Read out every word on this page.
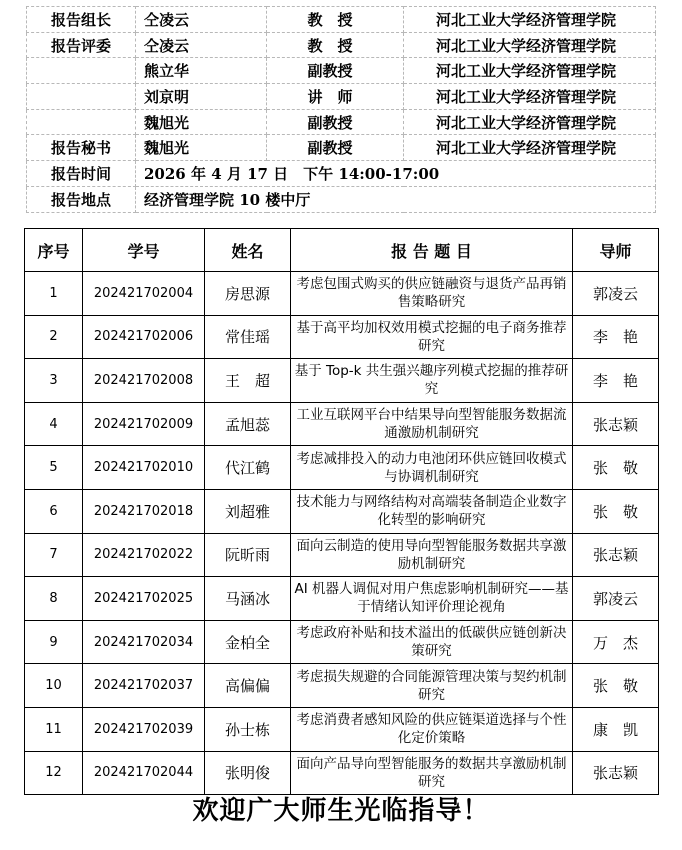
报告组长	仝凌云	教　授	河北工业大学经济管理学院
报告评委	仝凌云	教　授	河北工业大学经济管理学院
	熊立华	副教授	河北工业大学经济管理学院
	刘京明	讲　师	河北工业大学经济管理学院
	魏旭光	副教授	河北工业大学经济管理学院
报告秘书	魏旭光	副教授	河北工业大学经济管理学院
报告时间	2026 年 4 月 17 日　下午 14:00-17:00		
报告地点	经济管理学院 10 楼中厅		
序号	学号	姓名	报 告 题 目	导师
1	202421702004	房思源	考虑包围式购买的供应链融资与退货产品再销售策略研究	郭凌云
2	202421702006	常佳瑶	基于高平均加权效用模式挖掘的电子商务推荐研究	李　艳
3	202421702008	王　超	基于 Top-k 共生强兴趣序列模式挖掘的推荐研究	李　艳
4	202421702009	孟旭蕊	工业互联网平台中结果导向型智能服务数据流通激励机制研究	张志颖
5	202421702010	代江鹤	考虑减排投入的动力电池闭环供应链回收模式与协调机制研究	张　敬
6	202421702018	刘超雅	技术能力与网络结构对高端装备制造企业数字化转型的影响研究	张　敬
7	202421702022	阮昕雨	面向云制造的使用导向型智能服务数据共享激励机制研究	张志颖
8	202421702025	马涵冰	AI 机器人调侃对用户焦虑影响机制研究——基于情绪认知评价理论视角	郭凌云
9	202421702034	金柏全	考虑政府补贴和技术溢出的低碳供应链创新决策研究	万　杰
10	202421702037	高偏偏	考虑损失规避的合同能源管理决策与契约机制研究	张　敬
11	202421702039	孙士栋	考虑消费者感知风险的供应链渠道选择与个性化定价策略	康　凯
12	202421702044	张明俊	面向产品导向型智能服务的数据共享激励机制研究	张志颖
欢迎广大师生光临指导！
